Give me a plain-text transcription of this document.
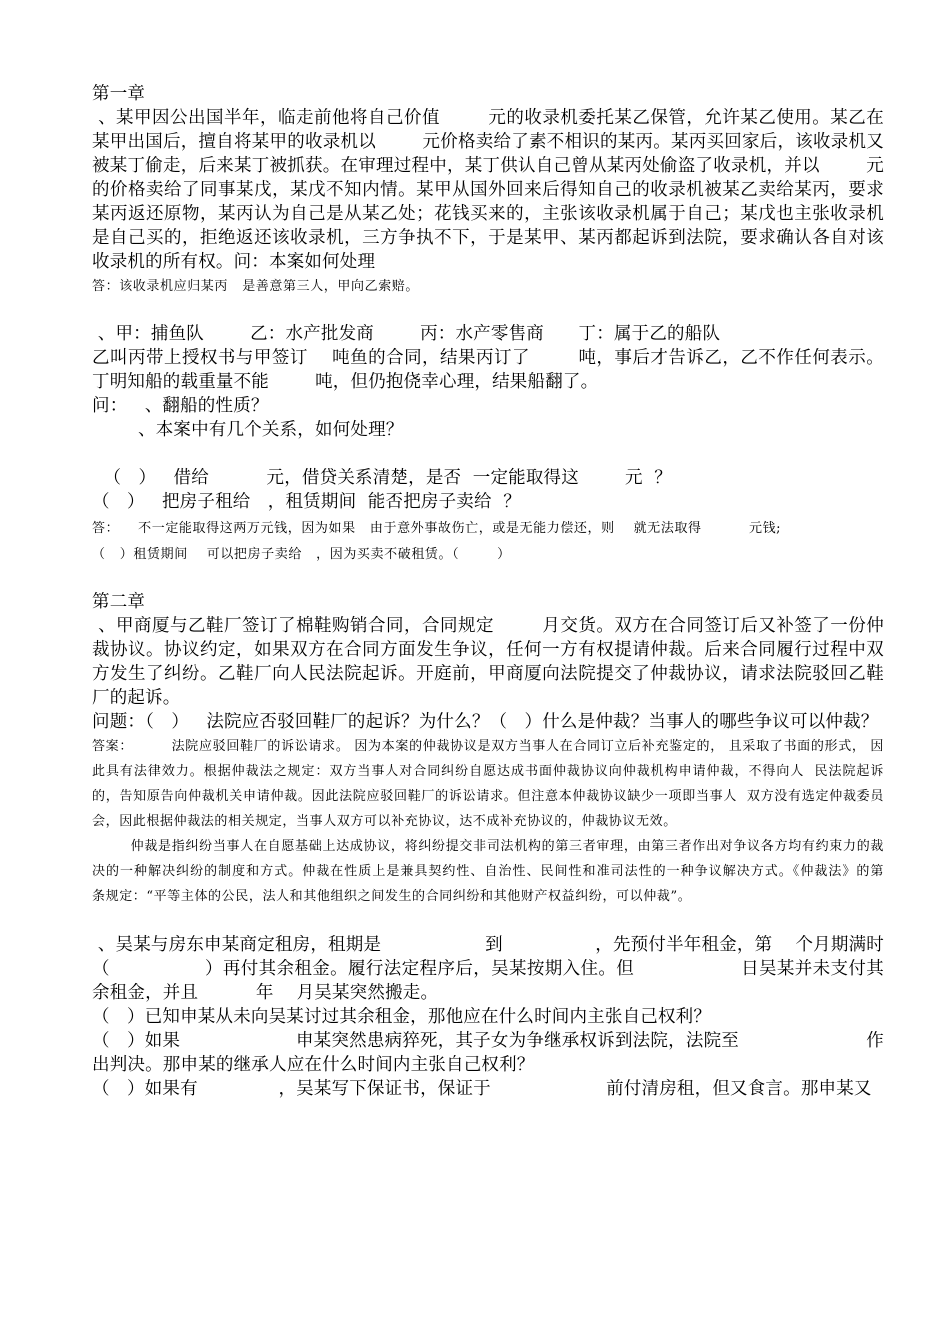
第一章

、某甲因公出国半年，临走前他将自己价值        元的收录机委托某乙保管，允许某乙使用。某乙在某甲出国后，擅自将某甲的收录机以        元价格卖给了素不相识的某丙。某丙买回家后，该收录机又被某丁偷走，后来某丁被抓获。在审理过程中，某丁供认自己曾从某丙处偷盗了收录机，并以        元的价格卖给了同事某戊，某戊不知内情。某甲从国外回来后得知自己的收录机被某乙卖给某丙，要求某丙返还原物，某丙认为自己是从某乙处；花钱买来的，主张该收录机属于自己；某戊也主张收录机是自己买的，拒绝返还该收录机，三方争执不下，于是某甲、某丙都起诉到法院，要求确认各自对该收录机的所有权。问：本案如何处理

答：该收录机应归某丙   是善意第三人，甲向乙索赔。

、甲：捕鱼队        乙：水产批发商        丙：水产零售商      丁：属于乙的船队

乙叫丙带上授权书与甲签订    吨鱼的合同，结果丙订了        吨，事后才告诉乙，乙不作任何表示。丁明知船的载重量不能        吨，但仍抱侥幸心理，结果船翻了。

问：   、翻船的性质？

、本案中有几个关系，如何处理？

（   ）   借给          元，借贷关系清楚，是否  一定能取得这        元  ？

（   ）   把房子租给   ，租赁期间  能否把房子卖给  ？

答：    不一定能取得这两万元钱，因为如果   由于意外事故伤亡，或是无能力偿还，则    就无法取得          元钱;

（   ）租赁期间    可以把房子卖给   ，因为买卖不破租赁。（        ）

第二章

、甲商厦与乙鞋厂签订了棉鞋购销合同，合同规定        月交货。双方在合同签订后又补签了一份仲裁协议。协议约定，如果双方在合同方面发生争议，任何一方有权提请仲裁。后来合同履行过程中双方发生了纠纷。乙鞋厂向人民法院起诉。开庭前，甲商厦向法院提交了仲裁协议，请求法院驳回乙鞋厂的起诉。

问题：（   ）   法院应否驳回鞋厂的起诉？为什么？（   ）什么是仲裁？当事人的哪些争议可以仲裁？

答案：        法院应驳回鞋厂的诉讼请求。 因为本案的仲裁协议是双方当事人在合同订立后补充鉴定的， 且采取了书面的形式， 因此具有法律效力。根据仲裁法之规定：双方当事人对合同纠纷自愿达成书面仲裁协议向仲裁机构申请仲裁，不得向人  民法院起诉的，告知原告向仲裁机关申请仲裁。因此法院应驳回鞋厂的诉讼请求。但注意本仲裁协议缺少一项即当事人  双方没有选定仲裁委员会，因此根据仲裁法的相关规定，当事人双方可以补充协议，达不成补充协议的，仲裁协议无效。

仲裁是指纠纷当事人在自愿基础上达成协议，将纠纷提交非司法机构的第三者审理，由第三者作出对争议各方均有约束力的裁决的一种解决纠纷的制度和方式。仲裁在性质上是兼具契约性、自治性、民间性和准司法性的一种争议解决方式。《仲裁法》的第    条规定：“平等主体的公民，法人和其他组织之间发生的合同纠纷和其他财产权益纠纷，可以仲裁”。

、吴某与房东申某商定租房，租期是                  到                ，先预付半年租金，第    个月期满时（                ）再付其余租金。履行法定程序后，吴某按期入住。但                  日吴某并未支付其余租金，并且          年    月吴某突然搬走。

（   ）已知申某从未向吴某讨过其余租金，那他应在什么时间内主张自己权利？

（   ）如果                    申某突然患病猝死，其子女为争继承权诉到法院，法院至                      作出判决。那申某的继承人应在什么时间内主张自己权利？

（   ）如果有              ，吴某写下保证书，保证于                    前付清房租，但又食言。那申某又
